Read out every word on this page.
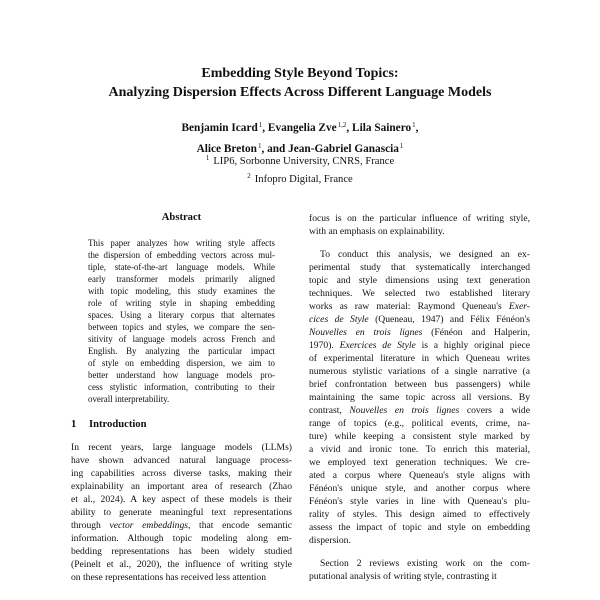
Embedding Style Beyond Topics:
Analyzing Dispersion Effects Across Different Language Models
Benjamin Icard$^1$, Evangelia Zve$^{1,2}$, Lila Sainero$^1$,
Alice Breton$^1$, and Jean-Gabriel Ganascia$^1$
$^1$ LIP6, Sorbonne University, CNRS, France
$^2$ Infopro Digital, France
Abstract
This paper analyzes how writing style affects
the dispersion of embedding vectors across mul-
tiple, state-of-the-art language models. While
early transformer models primarily aligned
with topic modeling, this study examines the
role of writing style in shaping embedding
spaces. Using a literary corpus that alternates
between topics and styles, we compare the sen-
sitivity of language models across French and
English. By analyzing the particular impact
of style on embedding dispersion, we aim to
better understand how language models pro-
cess stylistic information, contributing to their
overall interpretability.
1 Introduction
In recent years, large language models (LLMs)
have shown advanced natural language process-
ing capabilities across diverse tasks, making their
explainability an important area of research (Zhao
et al., 2024). A key aspect of these models is their
ability to generate meaningful text representations
through vector embeddings, that encode semantic
information. Although topic modeling along em-
bedding representations has been widely studied
(Peinelt et al., 2020), the influence of writing style
on these representations has received less attention
focus is on the particular influence of writing style,
with an emphasis on explainability.
To conduct this analysis, we designed an ex-
perimental study that systematically interchanged
topic and style dimensions using text generation
techniques. We selected two established literary
works as raw material: Raymond Queneau's Exer-
cices de Style (Queneau, 1947) and Félix Fénéon's
Nouvelles en trois lignes (Fénéon and Halperin,
1970). Exercices de Style is a highly original piece
of experimental literature in which Queneau writes
numerous stylistic variations of a single narrative (a
brief confrontation between bus passengers) while
maintaining the same topic across all versions. By
contrast, Nouvelles en trois lignes covers a wide
range of topics (e.g., political events, crime, na-
ture) while keeping a consistent style marked by
a vivid and ironic tone. To enrich this material,
we employed text generation techniques. We cre-
ated a corpus where Queneau's style aligns with
Fénéon's unique style, and another corpus where
Fénéon's style varies in line with Queneau's plu-
rality of styles. This design aimed to effectively
assess the impact of topic and style on embedding
dispersion.
Section 2 reviews existing work on the com-
putational analysis of writing style, contrasting it
